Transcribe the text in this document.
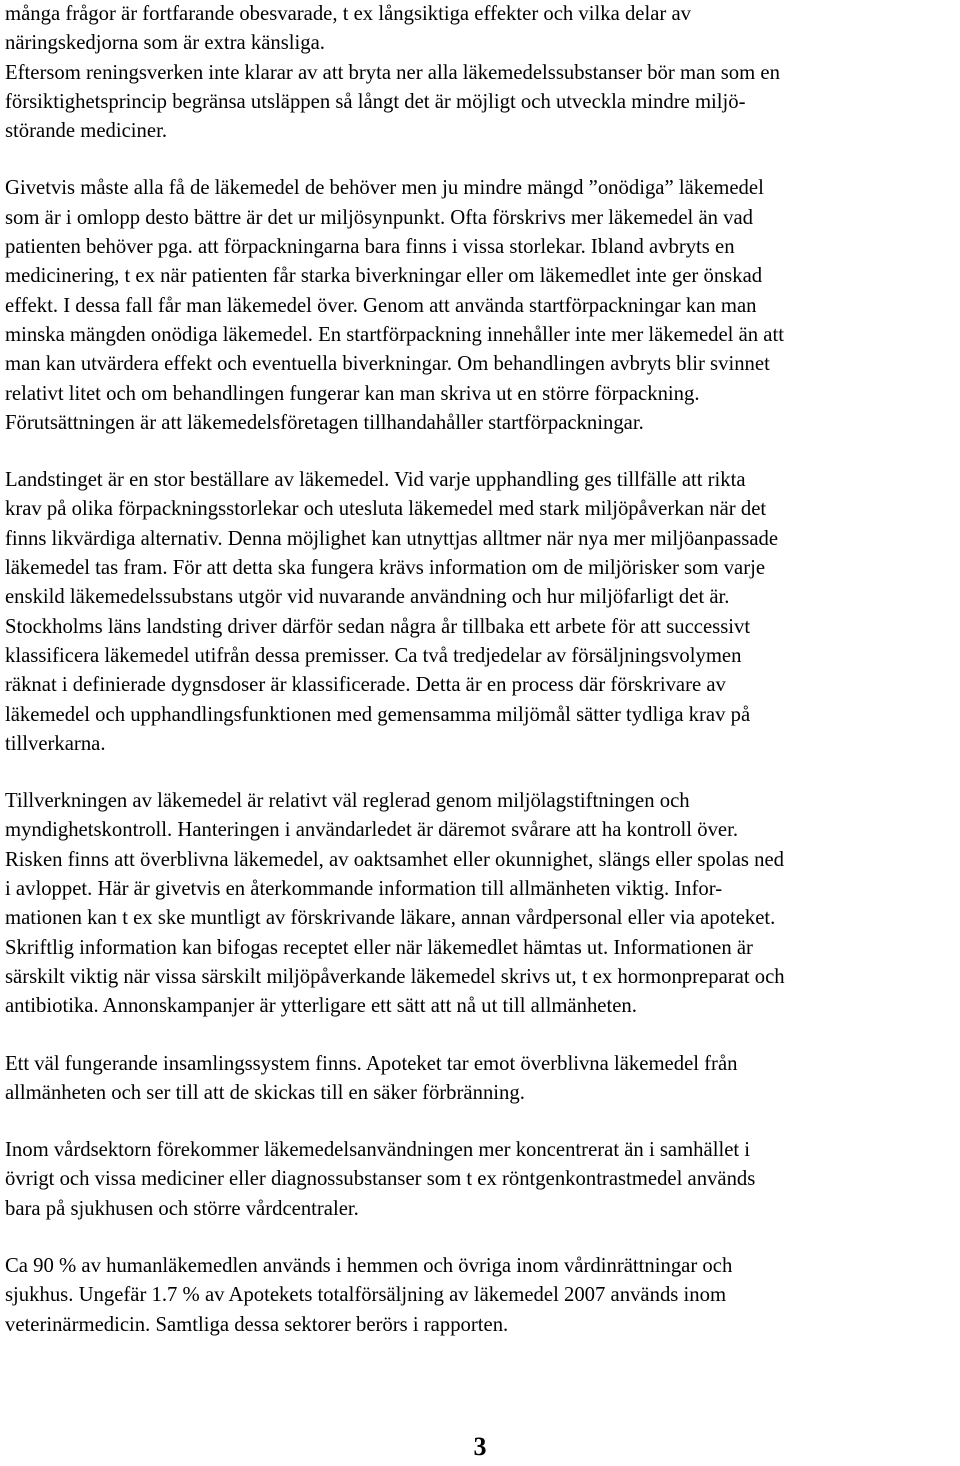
många frågor är fortfarande obesvarade, t ex långsiktiga effekter och vilka delar av
näringskedjorna som är extra känsliga.
Eftersom reningsverken inte klarar av att bryta ner alla läkemedelssubstanser bör man som en
försiktighetsprincip begränsa utsläppen så långt det är möjligt och utveckla mindre miljö-
störande mediciner.

Givetvis måste alla få de läkemedel de behöver men ju mindre mängd ”onödiga” läkemedel
som är i omlopp desto bättre är det ur miljösynpunkt. Ofta förskrivs mer läkemedel än vad
patienten behöver pga. att förpackningarna bara finns i vissa storlekar. Ibland avbryts en
medicinering, t ex när patienten får starka biverkningar eller om läkemedlet inte ger önskad
effekt. I dessa fall får man läkemedel över. Genom att använda startförpackningar kan man
minska mängden onödiga läkemedel. En startförpackning innehåller inte mer läkemedel än att
man kan utvärdera effekt och eventuella biverkningar. Om behandlingen avbryts blir svinnet
relativt litet och om behandlingen fungerar kan man skriva ut en större förpackning.
Förutsättningen är att läkemedelsföretagen tillhandahåller startförpackningar.

Landstinget är en stor beställare av läkemedel. Vid varje upphandling ges tillfälle att rikta
krav på olika förpackningsstorlekar och utesluta läkemedel med stark miljöpåverkan när det
finns likvärdiga alternativ. Denna möjlighet kan utnyttjas alltmer när nya mer miljöanpassade
läkemedel tas fram. För att detta ska fungera krävs information om de miljörisker som varje
enskild läkemedelssubstans utgör vid nuvarande användning och hur miljöfarligt det är.
Stockholms läns landsting driver därför sedan några år tillbaka ett arbete för att successivt
klassificera läkemedel utifrån dessa premisser. Ca två tredjedelar av försäljningsvolymen
räknat i definierade dygnsdoser är klassificerade. Detta är en process där förskrivare av
läkemedel och upphandlingsfunktionen med gemensamma miljömål sätter tydliga krav på
tillverkarna.

Tillverkningen av läkemedel är relativt väl reglerad genom miljölagstiftningen och
myndighetskontroll. Hanteringen i användarledet är däremot svårare att ha kontroll över.
Risken finns att överblivna läkemedel, av oaktsamhet eller okunnighet, slängs eller spolas ned
i avloppet. Här är givetvis en återkommande information till allmänheten viktig. Infor-
mationen kan t ex ske muntligt av förskrivande läkare, annan vårdpersonal eller via apoteket.
Skriftlig information kan bifogas receptet eller när läkemedlet hämtas ut. Informationen är
särskilt viktig när vissa särskilt miljöpåverkande läkemedel skrivs ut, t ex hormonpreparat och
antibiotika. Annonskampanjer är ytterligare ett sätt att nå ut till allmänheten.

Ett väl fungerande insamlingssystem finns. Apoteket tar emot överblivna läkemedel från
allmänheten och ser till att de skickas till en säker förbränning.

Inom vårdsektorn förekommer läkemedelsanvändningen mer koncentrerat än i samhället i
övrigt och vissa mediciner eller diagnossubstanser som t ex röntgenkontrastmedel används
bara på sjukhusen och större vårdcentraler.

Ca 90 % av humanläkemedlen används i hemmen och övriga inom vårdinrättningar och
sjukhus. Ungefär 1.7 % av Apotekets totalförsäljning av läkemedel 2007 används inom
veterinärmedicin. Samtliga dessa sektorer berörs i rapporten.

3
